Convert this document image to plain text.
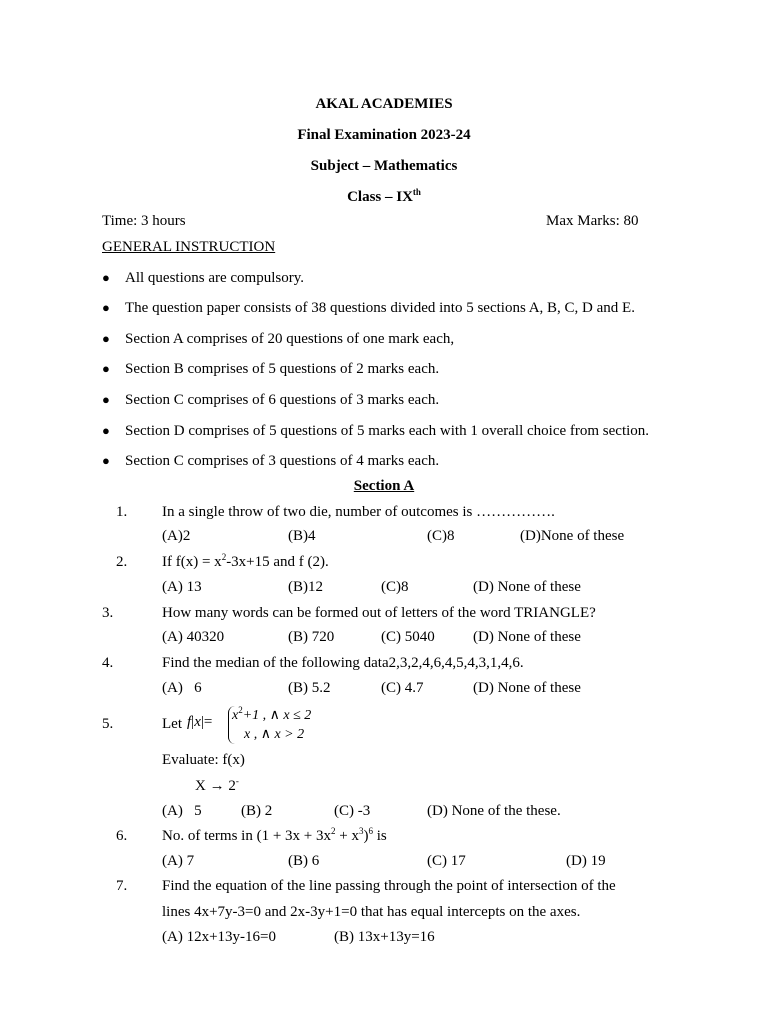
AKAL ACADEMIES
Final Examination 2023-24
Subject – Mathematics
Class – IXth
Time: 3 hours	Max Marks: 80
GENERAL INSTRUCTION
● All questions are compulsory.
● The question paper consists of 38 questions divided into 5 sections A, B, C, D and E.
● Section A comprises of 20 questions of one mark each,
● Section B comprises of 5 questions of 2 marks each.
● Section C comprises of 6 questions of 3 marks each.
● Section D comprises of 5 questions of 5 marks each with 1 overall choice from section.
● Section C comprises of 3 questions of 4 marks each.
Section A
1. In a single throw of two die, number of outcomes is …………….
(A)2	(B)4	(C)8	(D)None of these
2. If $f(x) = x^2-3x+15$ and f (2).
(A) 13	(B)12	(C)8	(D) None of these
3.	How many words can be formed out of letters of the word TRIANGLE?
(A) 40320	(B) 720	(C) 5040	(D) None of these
4.	Find the median of the following data2,3,2,4,6,4,5,4,3,1,4,6.
(A)   6	(B) 5.2	(C) 4.7	(D) None of these
5.	Let $f|x|= x^2+1$ , ∧ x ≤ 2
x , ∧ x > 2
Evaluate: f(x)
X → 2-
(A)   5	(B) 2	(C) -3	(D) None of the these.
6. No. of terms in $(1 + 3x + 3x^2 + x^3)^6$ is
(A) 7	(B) 6	(C) 17	(D) 19
7. Find the equation of the line passing through the point of intersection of the
lines 4x+7y-3=0 and 2x-3y+1=0 that has equal intercepts on the axes.
(A) 12x+13y-16=0	(B) 13x+13y=16
